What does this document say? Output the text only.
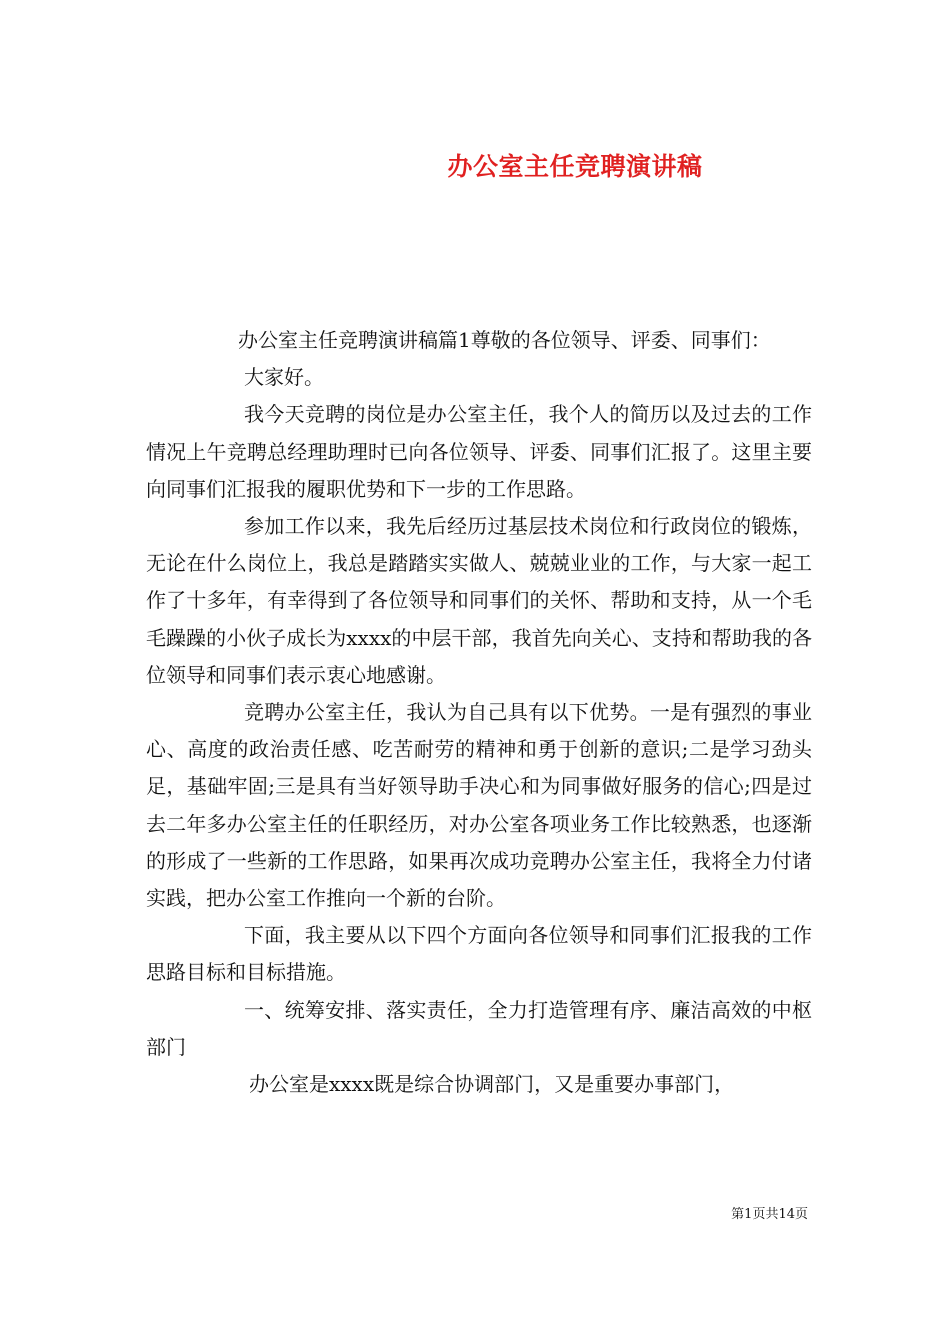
办公室主任竞聘演讲稿

办公室主任竞聘演讲稿篇1尊敬的各位领导、评委、同事们：

大家好。

我今天竞聘的岗位是办公室主任，我个人的简历以及过去的工作情况上午竞聘总经理助理时已向各位领导、评委、同事们汇报了。这里主要向同事们汇报我的履职优势和下一步的工作思路。

参加工作以来，我先后经历过基层技术岗位和行政岗位的锻炼，无论在什么岗位上，我总是踏踏实实做人、兢兢业业的工作，与大家一起工作了十多年，有幸得到了各位领导和同事们的关怀、帮助和支持，从一个毛毛躁躁的小伙子成长为xxxx的中层干部，我首先向关心、支持和帮助我的各位领导和同事们表示衷心地感谢。

竞聘办公室主任，我认为自己具有以下优势。一是有强烈的事业心、高度的政治责任感、吃苦耐劳的精神和勇于创新的意识;二是学习劲头足，基础牢固;三是具有当好领导助手决心和为同事做好服务的信心;四是过去二年多办公室主任的任职经历，对办公室各项业务工作比较熟悉，也逐渐的形成了一些新的工作思路，如果再次成功竞聘办公室主任，我将全力付诸实践，把办公室工作推向一个新的台阶。

下面，我主要从以下四个方面向各位领导和同事们汇报我的工作思路目标和目标措施。

一、统筹安排、落实责任，全力打造管理有序、廉洁高效的中枢部门

办公室是xxxx既是综合协调部门，又是重要办事部门，

第1页共14页
